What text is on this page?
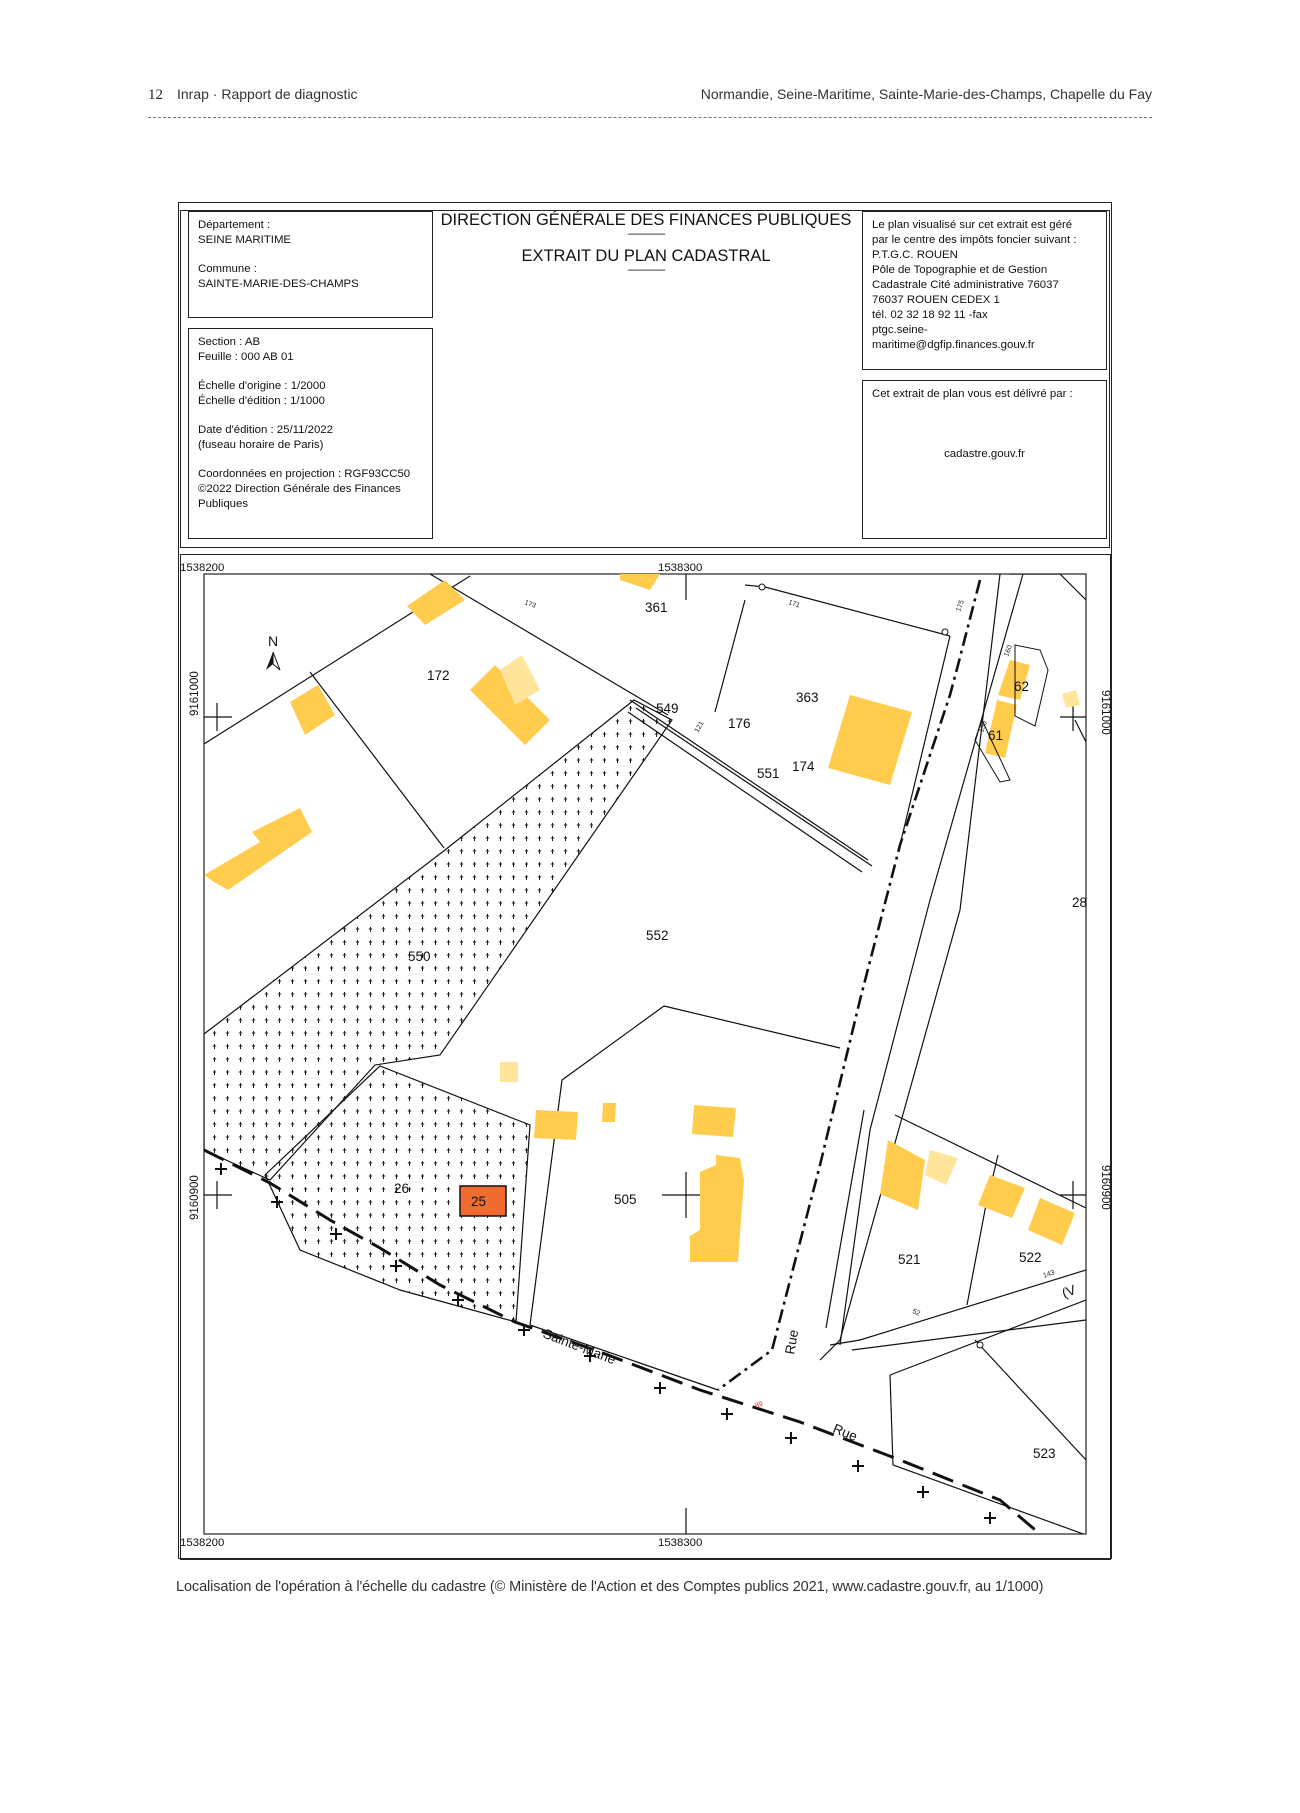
12 Inrap · Rapport de diagnostic	Normandie, Seine-Maritime, Sainte-Marie-des-Champs, Chapelle du Fay
Département :
SEINE MARITIME
Commune :
SAINTE-MARIE-DES-CHAMPS
Section : AB
Feuille : 000 AB 01
Échelle d'origine : 1/2000
Échelle d'édition : 1/1000
Date d'édition : 25/11/2022
(fuseau horaire de Paris)
Coordonnées en projection : RGF93CC50
©2022 Direction Générale des Finances
Publiques
DIRECTION GÉNÉRALE DES FINANCES PUBLIQUES
----------------
EXTRAIT DU PLAN CADASTRAL
----------------
Le plan visualisé sur cet extrait est géré
par le centre des impôts foncier suivant :
P.T.G.C. ROUEN
Pôle de Topographie et de Gestion
Cadastrale Cité administrative 76037
76037 ROUEN CEDEX 1
tél. 02 32 18 92 11 -fax
ptgc.seine-
maritime@dgfip.finances.gouv.fr
Cet extrait de plan vous est délivré par :
cadastre.gouv.fr
1538200	1538300
1538200	1538300
9161000
9160900
9161000
9160900
N
361
172
363
549
176
174
551
62
61
28
552
550
26
25	505
521	522
523
173	171	175
121
160
150
52
143
89
Sainte-Marie	Rue
Rue
(V
Localisation de l'opération à l'échelle du cadastre (© Ministère de l'Action et des Comptes publics 2021, www.cadastre.gouv.fr, au 1/1000)
